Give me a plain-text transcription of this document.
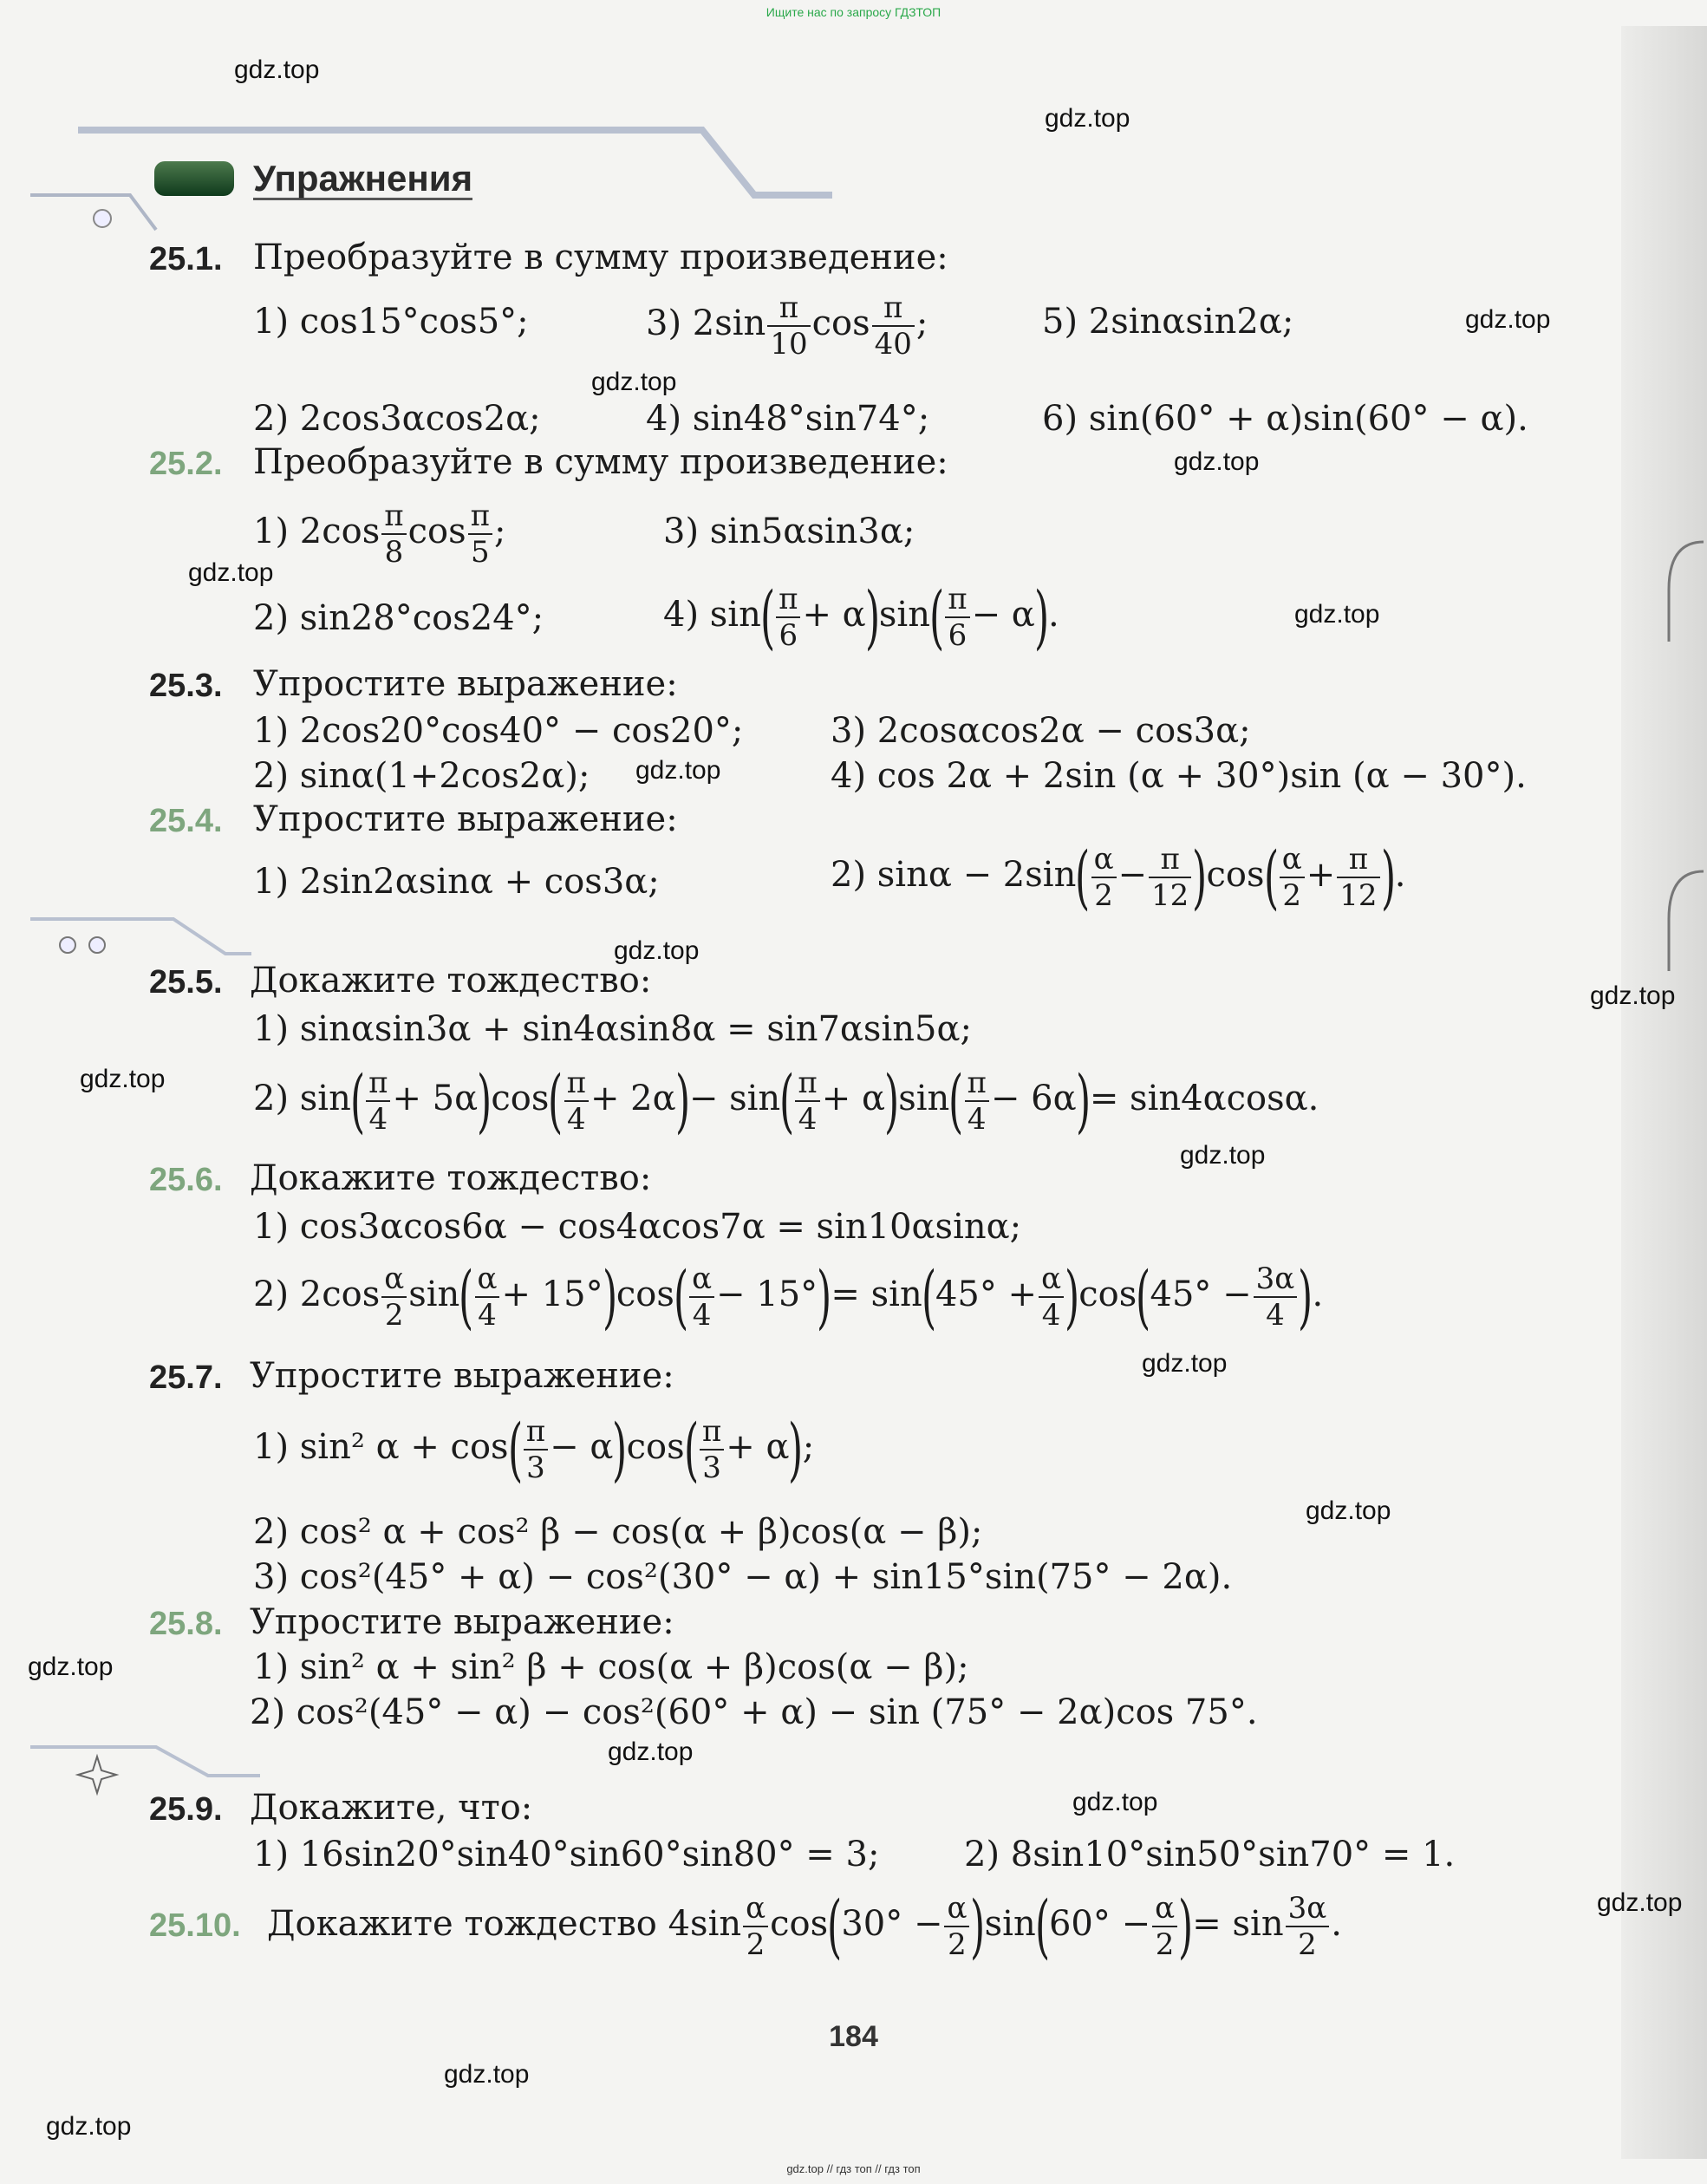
Ищите нас по запросу ГДЗТОП
Упражнения
25.1. Преобразуйте в сумму произведение:
1) cos15°cos5°;	3) $2\sin \frac{\pi}{10}$ $\cos \frac{\pi}{40}$ ;	5) 2sinαsin2α;
2) 2cos3αcos2α;	4) sin48°sin74°;	6) sin(60° + α)sin(60° − α).
25.2. Преобразуйте в сумму произведение:
1) $2\cos \frac{\pi}{8}$ $\cos \frac{\pi}{5}$ ;	3) sin5αsin3α;
2) sin28°cos24°;	4) $\sin( \frac{\pi}{6} + \alpha)\sin( \frac{\pi}{6} - \alpha)$.
25.3. Упростите выражение:
1) 2cos20°cos40° − cos20°;	3) 2cosαcos2α − cos3α;
2) sinα(1+2cos2α);	4) cos 2α + 2sin (α + 30°)sin (α − 30°).
25.4. Упростите выражение:
1) 2sin2αsinα + cos3α;	2) $\sin\alpha - 2\sin( \frac{\alpha}{2} - \frac{\pi}{12} )\cos( \frac{\alpha}{2} + \frac{\pi}{12}$ ).
25.5. Докажите тождество:
1) sinαsin3α + sin4αsin8α = sin7αsin5α;
2) $\sin( \frac{\pi}{4} + 5\alpha)\cos( \frac{\pi}{4} + 2\alpha)- \sin( \frac{\pi}{4} + \alpha)\sin( \frac{\pi}{4} - 6\alpha)= \sin 4\alpha\cos\alpha$.
25.6. Докажите тождество:
1) cos3αcos6α − cos4αcos7α = sin10αsinα;
2) $2\cos \frac{\alpha}{2} \sin( \frac{\alpha}{4} + 15^\circ)\cos( \frac{\alpha}{4} - 15^\circ)= \sin(45^\circ + \frac{\alpha}{4} )\cos(45^\circ - \frac{3\alpha}{4}$ ).
25.7. Упростите выражение:
1) sin² $\alpha + \cos( \frac{\pi}{3} - \alpha)\cos( \frac{\pi}{3} + \alpha)$;
2) cos² α + cos² β − cos(α + β)cos(α − β);
3) cos²(45° + α) − cos²(30° − α) + sin15°sin(75° − 2α).
25.8. Упростите выражение:
1) sin² α + sin² β + cos(α + β)cos(α − β);
2) cos²(45° − α) − cos²(60° + α) − sin (75° − 2α)cos 75°.
25.9. Докажите, что:
1) 16sin20°sin40°sin60°sin80° = 3; 2) 8sin10°sin50°sin70° = 1.
25.10. Докажите тождество $4\sin \frac{\alpha}{2} \cos(30^\circ - \frac{\alpha}{2} )\sin(60^\circ - \frac{\alpha}{2}$ )= $\sin \frac{3\alpha}{2}$ .
184
gdz.top // гдз топ // гдз топ
gdz.top
gdz.top
gdz.top
gdz.top
gdz.top
gdz.top
gdz.top
gdz.top
gdz.top
gdz.top
gdz.top
gdz.top
gdz.top
gdz.top
gdz.top
gdz.top
gdz.top
gdz.top
gdz.top
gdz.top
